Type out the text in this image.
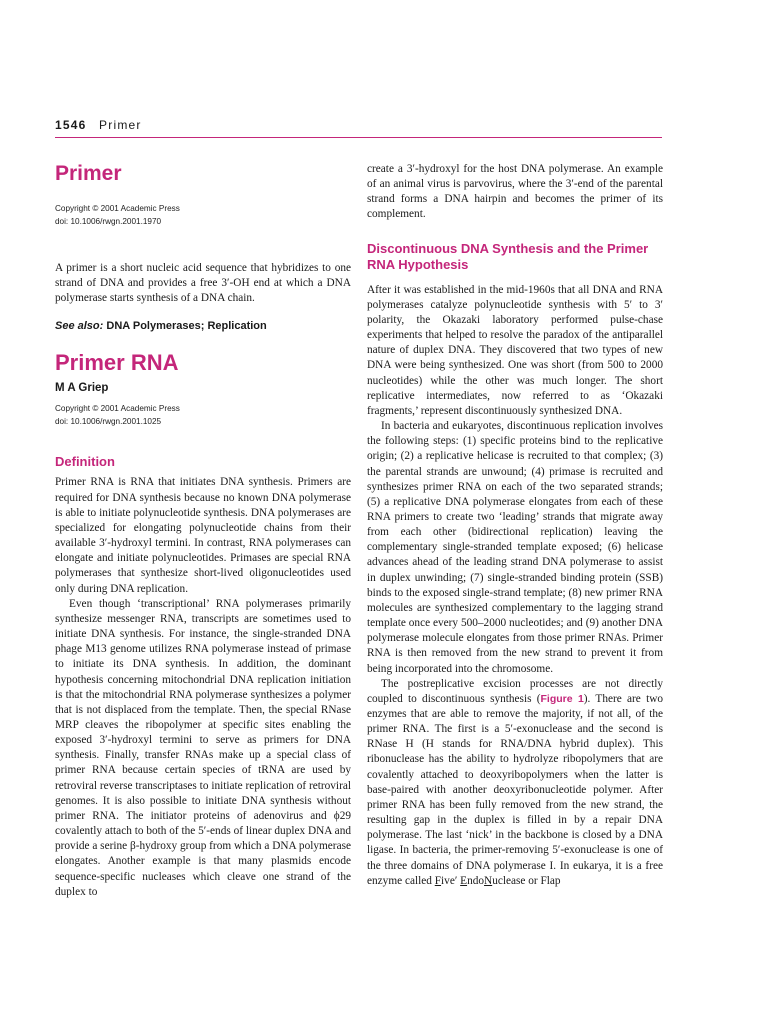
1546 Primer
Primer
Copyright © 2001 Academic Press
doi: 10.1006/rwgn.2001.1970

A primer is a short nucleic acid sequence that hybridizes to one strand of DNA and provides a free 3′-OH end at which a DNA polymerase starts synthesis of a DNA chain.

See also: DNA Polymerases; Replication

Primer RNA
M A Griep
Copyright © 2001 Academic Press
doi: 10.1006/rwgn.2001.1025
Definition

Primer RNA is RNA that initiates DNA synthesis. Primers are required for DNA synthesis because no known DNA polymerase is able to initiate polynucleotide synthesis. DNA polymerases are specialized for elongating polynucleotide chains from their available 3′-hydroxyl termini. In contrast, RNA polymerases can elongate and initiate polynucleotides. Primases are special RNA polymerases that synthesize short-lived oligonucleotides used only during DNA replication.

Even though ‘transcriptional’ RNA polymerases primarily synthesize messenger RNA, transcripts are sometimes used to initiate DNA synthesis. For instance, the single-stranded DNA phage M13 genome utilizes RNA polymerase instead of primase to initiate its DNA synthesis. In addition, the dominant hypothesis concerning mitochondrial DNA replication initiation is that the mitochondrial RNA polymerase synthesizes a polymer that is not displaced from the template. Then, the special RNase MRP cleaves the ribopolymer at specific sites enabling the exposed 3′-hydroxyl termini to serve as primers for DNA synthesis. Finally, transfer RNAs make up a special class of primer RNA because certain species of tRNA are used by retroviral reverse transcriptases to initiate replication of retroviral genomes. It is also possible to initiate DNA synthesis without primer RNA. The initiator proteins of adenovirus and ϕ29 covalently attach to both of the 5′-ends of linear duplex DNA and provide a serine β-hydroxy group from which a DNA polymerase elongates. Another example is that many plasmids encode sequence-specific nucleases which cleave one strand of the duplex to

create a 3′-hydroxyl for the host DNA polymerase. An example of an animal virus is parvovirus, where the 3′-end of the parental strand forms a DNA hairpin and becomes the primer of its complement.

Discontinuous DNA Synthesis and the Primer RNA Hypothesis

After it was established in the mid-1960s that all DNA and RNA polymerases catalyze polynucleotide synthesis with 5′ to 3′ polarity, the Okazaki laboratory performed pulse-chase experiments that helped to resolve the paradox of the antiparallel nature of duplex DNA. They discovered that two types of new DNA were being synthesized. One was short (from 500 to 2000 nucleotides) while the other was much longer. The short replicative intermediates, now referred to as ‘Okazaki fragments,’ represent discontinuously synthesized DNA.

In bacteria and eukaryotes, discontinuous replication involves the following steps: (1) specific proteins bind to the replicative origin; (2) a replicative helicase is recruited to that complex; (3) the parental strands are unwound; (4) primase is recruited and synthesizes primer RNA on each of the two separated strands; (5) a replicative DNA polymerase elongates from each of these RNA primers to create two ‘leading’ strands that migrate away from each other (bidirectional replication) leaving the complementary single-stranded template exposed; (6) helicase advances ahead of the leading strand DNA polymerase to assist in duplex unwinding; (7) single-stranded binding protein (SSB) binds to the exposed single-strand template; (8) new primer RNA molecules are synthesized complementary to the lagging strand template once every 500–2000 nucleotides; and (9) another DNA polymerase molecule elongates from those primer RNAs. Primer RNA is then removed from the new strand to prevent it from being incorporated into the chromosome.

The postreplicative excision processes are not directly coupled to discontinuous synthesis (Figure 1). There are two enzymes that are able to remove the majority, if not all, of the primer RNA. The first is a 5′-exonuclease and the second is RNase H (H stands for RNA/DNA hybrid duplex). This ribonuclease has the ability to hydrolyze ribopolymers that are covalently attached to deoxyribopolymers when the latter is base-paired with another deoxyribonucleotide polymer. After primer RNA has been fully removed from the new strand, the resulting gap in the duplex is filled in by a repair DNA polymerase. The last ‘nick’ in the backbone is closed by a DNA ligase. In bacteria, the primer-removing 5′-exonuclease is one of the three domains of DNA polymerase I. In eukarya, it is a free enzyme called Five′ EndoNuclease or Flap
